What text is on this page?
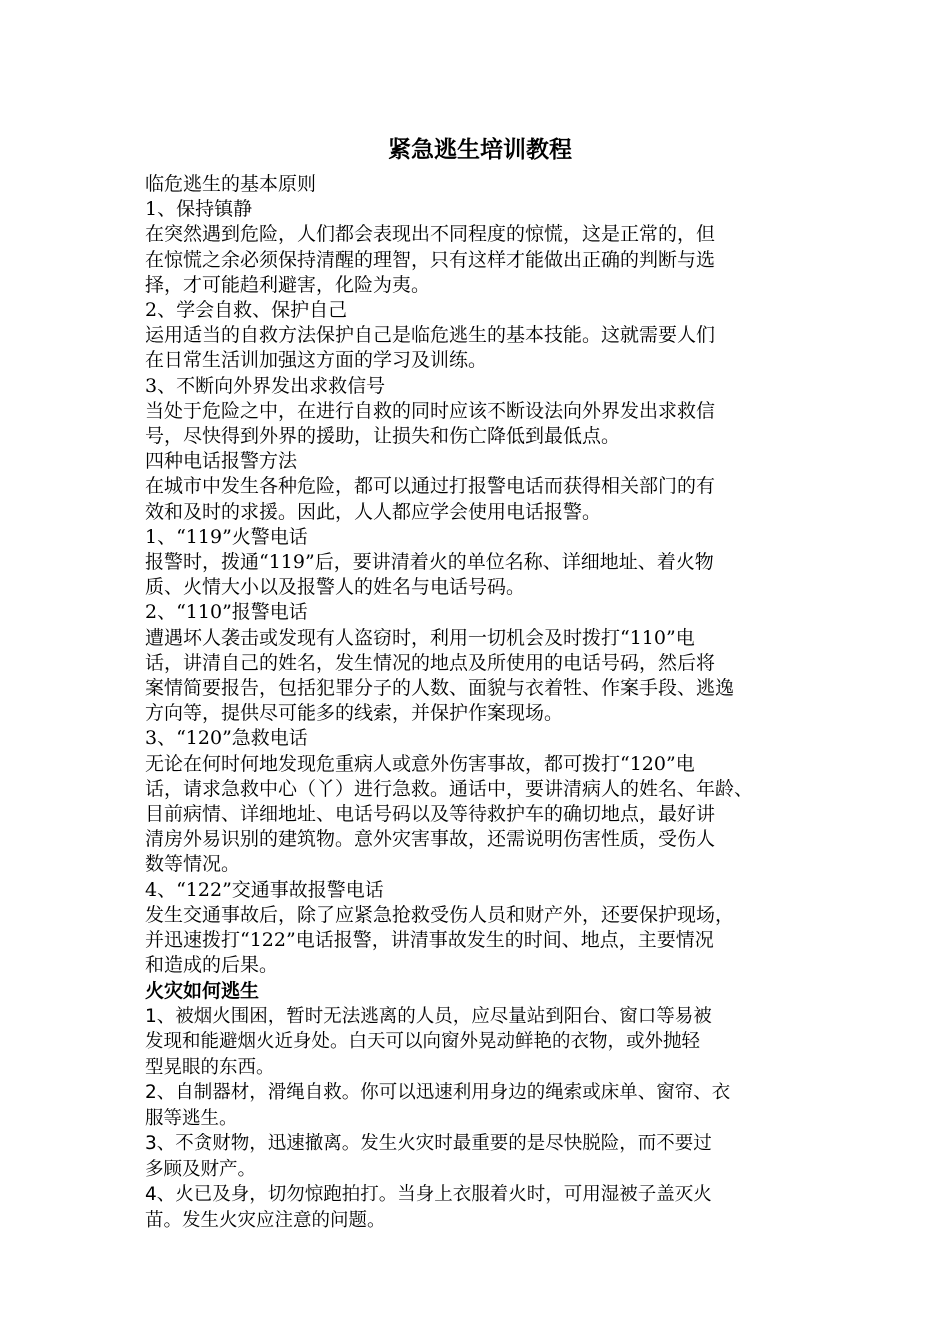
紧急逃生培训教程
临危逃生的基本原则
1、保持镇静
在突然遇到危险，人们都会表现出不同程度的惊慌，这是正常的，但
在惊慌之余必须保持清醒的理智，只有这样才能做出正确的判断与选
择，才可能趋利避害，化险为夷。
2、学会自救、保护自己
运用适当的自救方法保护自己是临危逃生的基本技能。这就需要人们
在日常生活训加强这方面的学习及训练。
3、不断向外界发出求救信号
当处于危险之中，在进行自救的同时应该不断设法向外界发出求救信
号，尽快得到外界的援助，让损失和伤亡降低到最低点。
四种电话报警方法
在城市中发生各种危险，都可以通过打报警电话而获得相关部门的有
效和及时的求援。因此，人人都应学会使用电话报警。
1、“119”火警电话
报警时，拨通“119”后，要讲清着火的单位名称、详细地址、着火物
质、火情大小以及报警人的姓名与电话号码。
2、“110”报警电话
遭遇坏人袭击或发现有人盗窃时，利用一切机会及时拨打“110”电
话，讲清自己的姓名，发生情况的地点及所使用的电话号码，然后将
案情简要报告，包括犯罪分子的人数、面貌与衣着牲、作案手段、逃逸
方向等，提供尽可能多的线索，并保护作案现场。
3、“120”急救电话
无论在何时何地发现危重病人或意外伤害事故，都可拨打“120”电
话，请求急救中心（丫）进行急救。通话中，要讲清病人的姓名、年龄、
目前病情、详细地址、电话号码以及等待救护车的确切地点，最好讲
清房外易识别的建筑物。意外灾害事故，还需说明伤害性质，受伤人
数等情况。
4、“122”交通事故报警电话
发生交通事故后，除了应紧急抢救受伤人员和财产外，还要保护现场，
并迅速拨打“122”电话报警，讲清事故发生的时间、地点，主要情况
和造成的后果。
火灾如何逃生
1、被烟火围困，暂时无法逃离的人员，应尽量站到阳台、窗口等易被
发现和能避烟火近身处。白天可以向窗外晃动鲜艳的衣物，或外抛轻
型晃眼的东西。
2、自制器材，滑绳自救。你可以迅速利用身边的绳索或床单、窗帘、衣
服等逃生。
3、不贪财物，迅速撤离。发生火灾时最重要的是尽快脱险，而不要过
多顾及财产。
4、火已及身，切勿惊跑拍打。当身上衣服着火时，可用湿被子盖灭火
苗。发生火灾应注意的问题。
